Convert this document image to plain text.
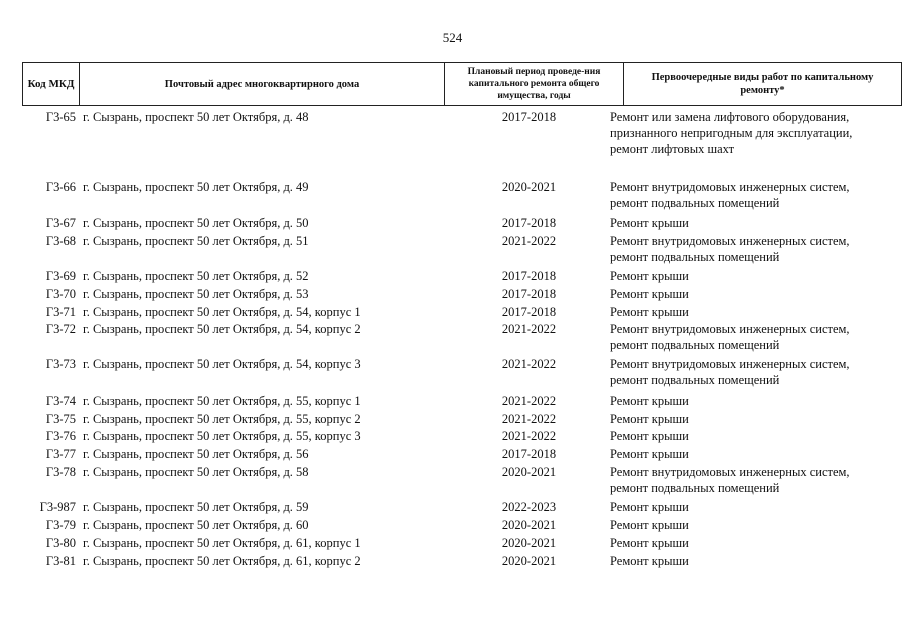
524
Код МКД	Почтовый адрес многоквартирного дома
Плановый период проведе-ния капитального ремонта общего имущества, годы
Первоочередные виды работ по капитальному ремонту*
Г3-65 г. Сызрань, проспект 50 лет Октября, д. 48	2017-2018	Ремонт или замена лифтового оборудования,
признанного непригодным для эксплуатации,
ремонт лифтовых шахт
Г3-66 г. Сызрань, проспект 50 лет Октября, д. 49	2020-2021	Ремонт внутридомовых инженерных систем,
ремонт подвальных помещений
Г3-67 г. Сызрань, проспект 50 лет Октября, д. 50	2017-2018	Ремонт крыши
Г3-68 г. Сызрань, проспект 50 лет Октября, д. 51	2021-2022	Ремонт внутридомовых инженерных систем,
ремонт подвальных помещений
Г3-69 г. Сызрань, проспект 50 лет Октября, д. 52	2017-2018	Ремонт крыши
Г3-70 г. Сызрань, проспект 50 лет Октября, д. 53	2017-2018	Ремонт крыши
Г3-71 г. Сызрань, проспект 50 лет Октября, д. 54, корпус 1	2017-2018	Ремонт крыши
Г3-72 г. Сызрань, проспект 50 лет Октября, д. 54, корпус 2	2021-2022	Ремонт внутридомовых инженерных систем,
ремонт подвальных помещений
Г3-73 г. Сызрань, проспект 50 лет Октября, д. 54, корпус 3	2021-2022	Ремонт внутридомовых инженерных систем,
ремонт подвальных помещений
Г3-74 г. Сызрань, проспект 50 лет Октября, д. 55, корпус 1	2021-2022	Ремонт крыши
Г3-75 г. Сызрань, проспект 50 лет Октября, д. 55, корпус 2	2021-2022	Ремонт крыши
Г3-76 г. Сызрань, проспект 50 лет Октября, д. 55, корпус 3	2021-2022	Ремонт крыши
Г3-77 г. Сызрань, проспект 50 лет Октября, д. 56	2017-2018	Ремонт крыши
Г3-78 г. Сызрань, проспект 50 лет Октября, д. 58	2020-2021	Ремонт внутридомовых инженерных систем,
ремонт подвальных помещений
Г3-987 г. Сызрань, проспект 50 лет Октября, д. 59	2022-2023	Ремонт крыши
Г3-79 г. Сызрань, проспект 50 лет Октября, д. 60	2020-2021	Ремонт крыши
Г3-80 г. Сызрань, проспект 50 лет Октября, д. 61, корпус 1	2020-2021	Ремонт крыши
Г3-81 г. Сызрань, проспект 50 лет Октября, д. 61, корпус 2	2020-2021	Ремонт крыши
